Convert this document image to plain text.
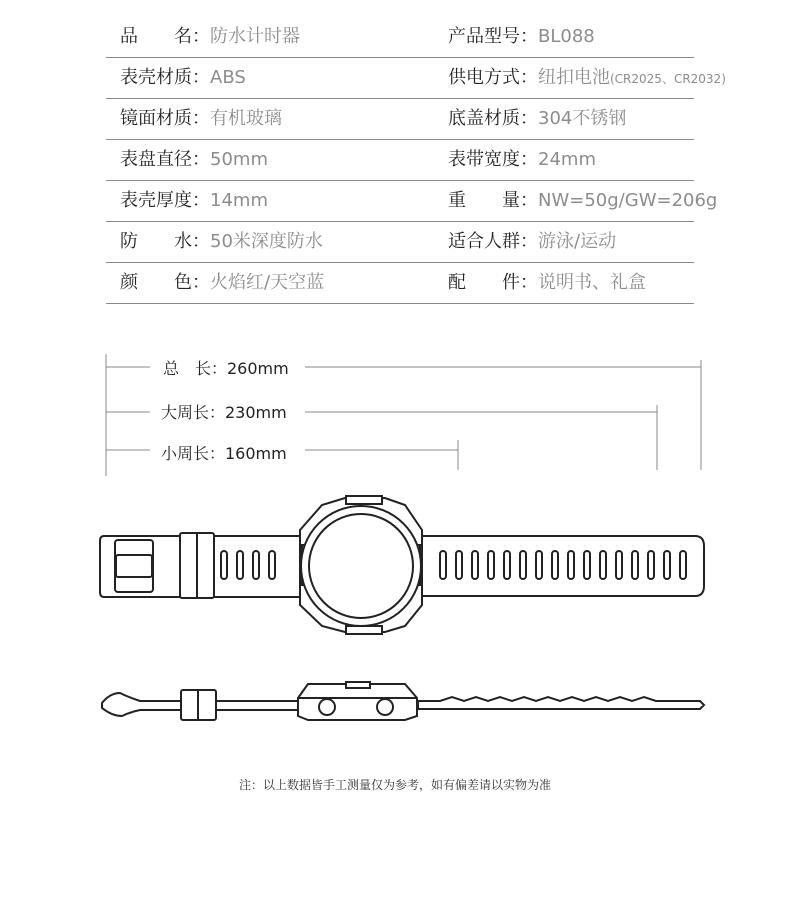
品　　名：防水计时器	产品型号：BL088
表壳材质：ABS	供电方式：纽扣电池(CR2025、CR2032)
镜面材质：有机玻璃	底盖材质：304不锈钢
表盘直径：50mm	表带宽度：24mm
表壳厚度：14mm	重　　量：NW=50g/GW=206g
防　　水：50米深度防水	适合人群：游泳/运动
颜　　色：火焰红/天空蓝	配　　件：说明书、礼盒
总　长：260mm
大周长：230mm
小周长：160mm
注：以上数据皆手工测量仅为参考，如有偏差请以实物为准
